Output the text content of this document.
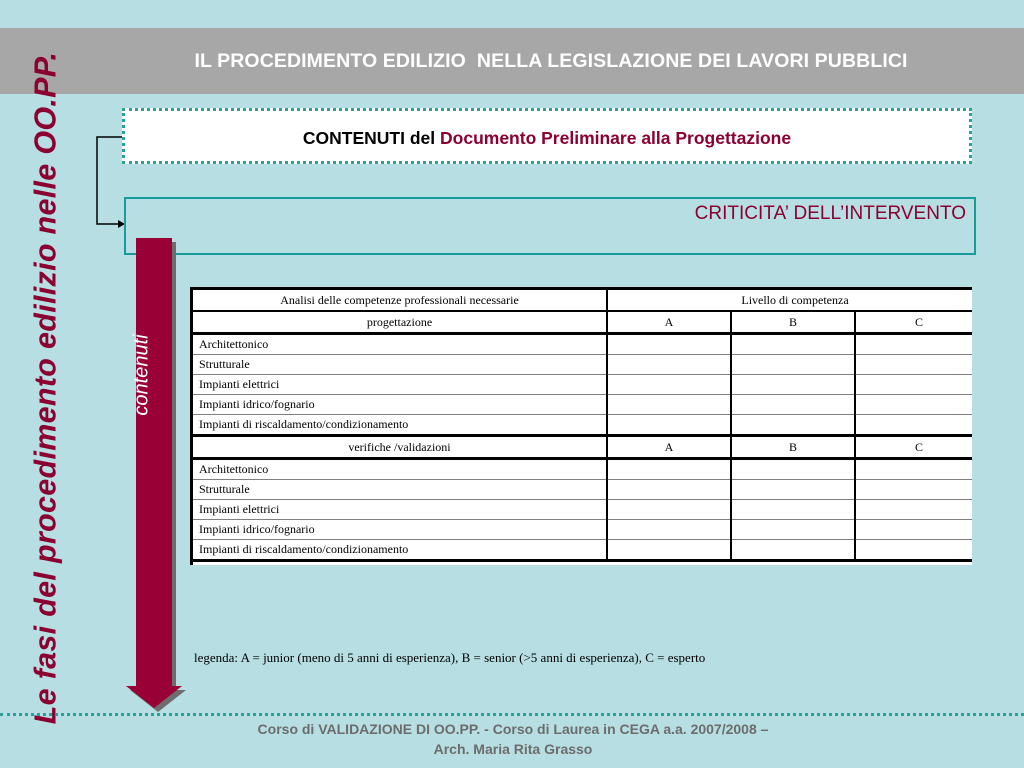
IL PROCEDIMENTO EDILIZIO  NELLA LEGISLAZIONE DEI LAVORI PUBBLICI
Le fasi del procedimento edilizio nelle OO.PP.	CONTENUTI del Documento Preliminare alla Progettazione
CRITICITA’ DELL’INTERVENTO
contenuti
Analisi delle competenze professionali necessarie	Livello di competenza		
progettazione	A	B	C
Architettonico			
Strutturale			
Impianti elettrici			
Impianti idrico/fognario			
Impianti di riscaldamento/condizionamento			
verifiche /validazioni	A	B	C
Architettonico			
Strutturale			
Impianti elettrici			
Impianti idrico/fognario			
Impianti di riscaldamento/condizionamento			
legenda: A = junior (meno di 5 anni di esperienza), B = senior (>5 anni di esperienza), C = esperto
Corso di VALIDAZIONE DI OO.PP. - Corso di Laurea in CEGA a.a. 2007/2008 –
Arch. Maria Rita Grasso
